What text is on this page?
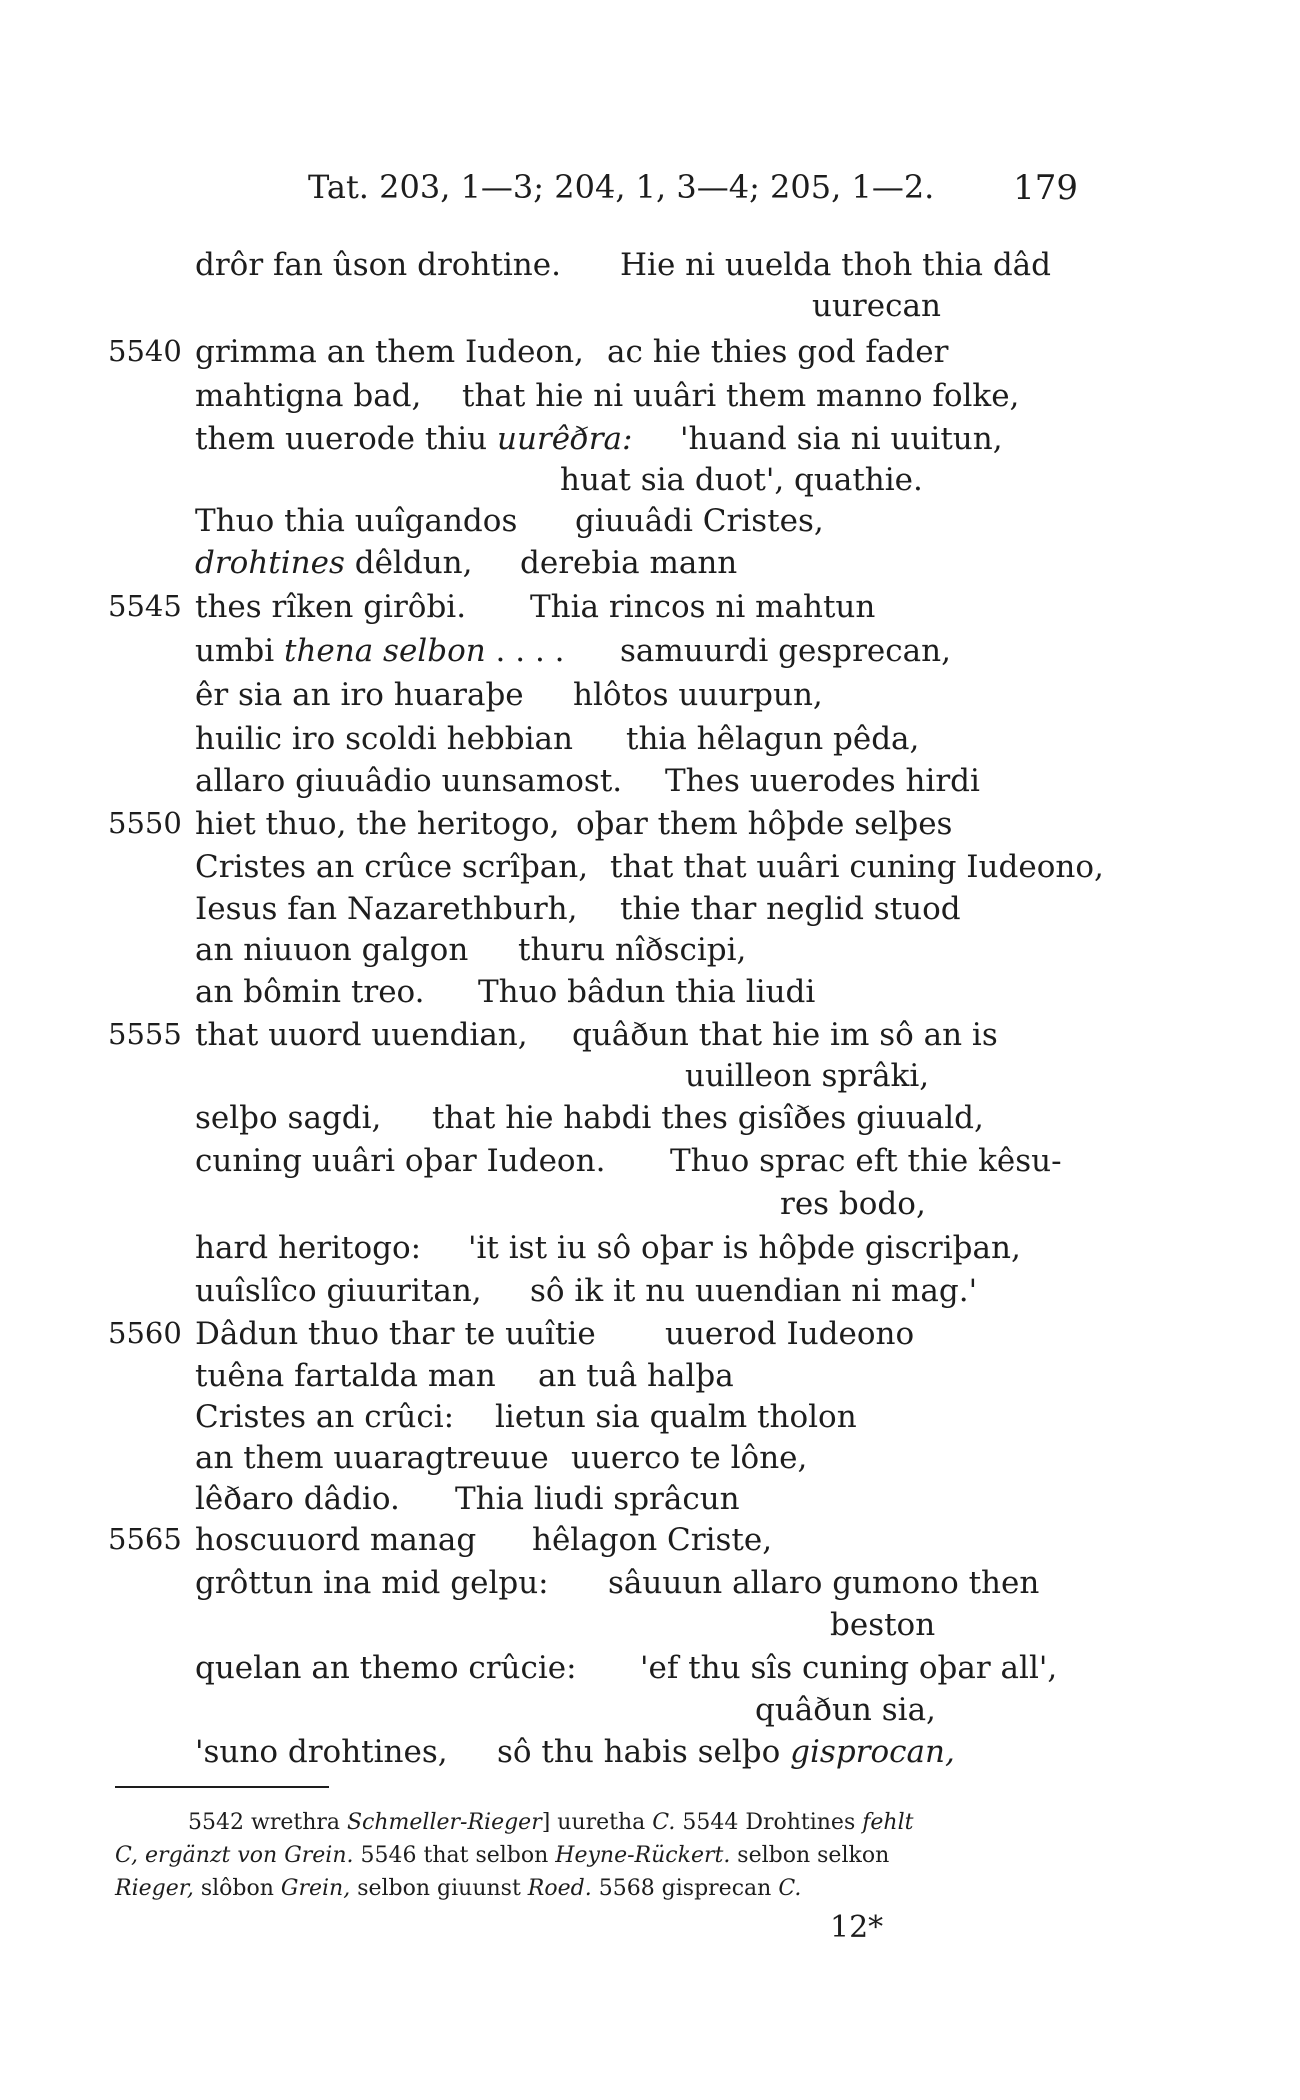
Tat. 203, 1—3; 204, 1, 3—4; 205, 1—2. 179
drôr fan ûson drohtine. Hie ni uuelda thoh thia dâd
uurecan
5540 grimma an them Iudeon, ac hie thies god fader
mahtigna bad, that hie ni uuâri them manno folke,
them uuerode thiu uurêðra: 'huand sia ni uuitun,
huat sia duot', quathie.
Thuo thia uuîgandos giuuâdi Cristes,
drohtines dêldun, derebia mann
5545 thes rîken girôbi. Thia rincos ni mahtun
umbi thena selbon . . . . samuurdi gesprecan,
êr sia an iro huaraþe hlôtos uuurpun,
huilic iro scoldi hebbian thia hêlagun pêda,
allaro giuuâdio uunsamost. Thes uuerodes hirdi
5550 hiet thuo, the heritogo, oþar them hôþde selþes
Cristes an crûce scrîþan, that that uuâri cuning Iudeono,
Iesus fan Nazarethburh, thie thar neglid stuod
an niuuon galgon thuru nîðscipi,
an bômin treo. Thuo bâdun thia liudi
5555 that uuord uuendian, quâðun that hie im sô an is
uuilleon sprâki,
selþo sagdi, that hie habdi thes gisîðes giuuald,
cuning uuâri oþar Iudeon. Thuo sprac eft thie kêsu-
res bodo,
hard heritogo: 'it ist iu sô oþar is hôþde giscriþan,
uuîslîco giuuritan, sô ik it nu uuendian ni mag.'
5560 Dâdun thuo thar te uuîtie uuerod Iudeono
tuêna fartalda man an tuâ halþa
Cristes an crûci: lietun sia qualm tholon
an them uuaragtreuue uuerco te lône,
lêðaro dâdio. Thia liudi sprâcun
5565 hoscuuord manag hêlagon Criste,
grôttun ina mid gelpu: sâuuun allaro gumono then
beston
quelan an themo crûcie: 'ef thu sîs cuning oþar all',
quâðun sia,
'suno drohtines, sô thu habis selþo gisprocan,
5542 wrethra Schmeller-Rieger] uuretha C. 5544 Drohtines fehlt
C, ergänzt von Grein. 5546 that selbon Heyne-Rückert. selbon selkon
Rieger, slôbon Grein, selbon giuunst Roed. 5568 gisprecan C.
12*
